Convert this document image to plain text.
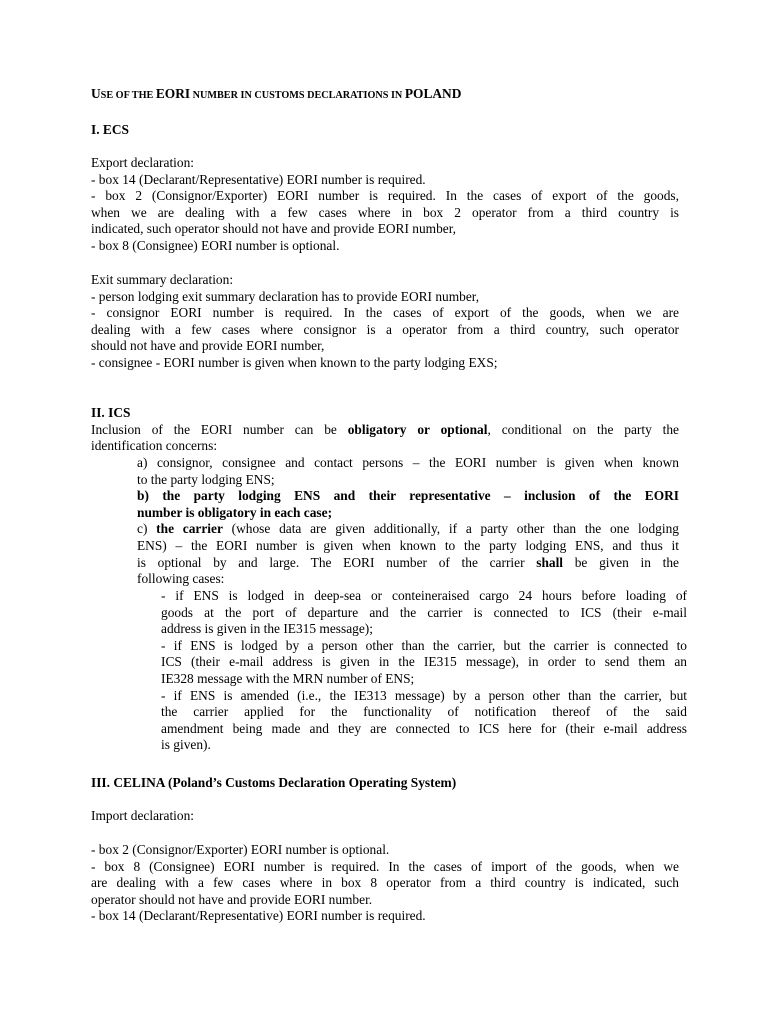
USE OF THE EORI NUMBER IN CUSTOMS DECLARATIONS IN POLAND

I. ECS

Export declaration:
- box 14 (Declarant/Representative) EORI number is required.
- box 2 (Consignor/Exporter) EORI number is required. In the cases of export of the goods,
when we are dealing with a few cases where in box 2 operator from a third country is
indicated, such operator should not have and provide EORI number,
- box 8 (Consignee) EORI number is optional.
Exit summary declaration:
- person lodging exit summary declaration has to provide EORI number,
- consignor EORI number is required. In the cases of export of the goods, when we are
dealing with a few cases where consignor is a operator from a third country, such operator
should not have and provide EORI number,
- consignee - EORI number is given when known to the party lodging EXS;
II. ICS
Inclusion of the EORI number can be obligatory or optional, conditional on the party the
identification concerns:
a) consignor, consignee and contact persons – the EORI number is given when known
to the party lodging ENS;
b) the party lodging ENS and their representative – inclusion of the EORI
number is obligatory in each case;
c) the carrier (whose data are given additionally, if a party other than the one lodging
ENS) – the EORI number is given when known to the party lodging ENS, and thus it
is optional by and large. The EORI number of the carrier shall be given in the
following cases:
- if ENS is lodged in deep-sea or conteineraised cargo 24 hours before loading of
goods at the port of departure and the carrier is connected to ICS (their e-mail
address is given in the IE315 message);
- if ENS is lodged by a person other than the carrier, but the carrier is connected to
ICS (their e-mail address is given in the IE315 message), in order to send them an
IE328 message with the MRN number of ENS;
- if ENS is amended (i.e., the IE313 message) by a person other than the carrier, but
the carrier applied for the functionality of notification thereof of the said
amendment being made and they are connected to ICS here for (their e-mail address
is given).

III. CELINA (Poland’s Customs Declaration Operating System)

Import declaration:

- box 2 (Consignor/Exporter) EORI number is optional.
- box 8 (Consignee) EORI number is required. In the cases of import of the goods, when we
are dealing with a few cases where in box 8 operator from a third country is indicated, such
operator should not have and provide EORI number.
- box 14 (Declarant/Representative) EORI number is required.
